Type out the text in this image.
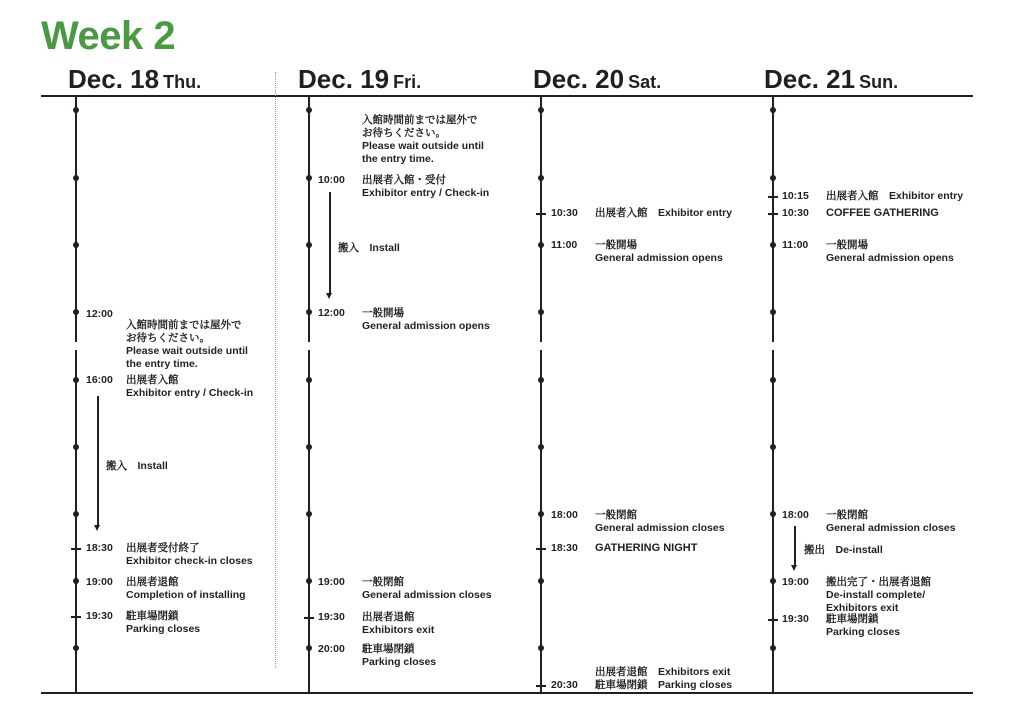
Week 2
Dec. 18 Thu.	Dec. 19 Fri.	Dec. 20 Sat.	Dec. 21 Sun.
12:00
入館時間前までは屋外で
お待ちください。
Please wait outside until
the entry time.
16:00 出展者入館
Exhibitor entry / Check-in
搬入　Install
18:30 出展者受付終了
Exhibitor check-in closes
19:00 出展者退館
Completion of installing
19:30 駐車場閉鎖
Parking closes
入館時間前までは屋外で
お待ちください。
Please wait outside until
the entry time.
10:00 出展者入館・受付
Exhibitor entry / Check-in
搬入　Install
12:00 一般開場
General admission opens
19:00 一般閉館
General admission closes
19:30 出展者退館
Exhibitors exit
20:00 駐車場閉鎖
Parking closes
10:30 出展者入館　Exhibitor entry
11:00 一般開場
General admission opens
18:00 一般閉館
General admission closes
18:30 GATHERING NIGHT
20:30
出展者退館　Exhibitors exit
駐車場閉鎖　Parking closes
10:15 出展者入館　Exhibitor entry
10:30 COFFEE GATHERING
11:00 一般開場
General admission opens
18:00 一般閉館
General admission closes
搬出　De-install
19:00 搬出完了・出展者退館
De-install complete/
Exhibitors exit
19:30 駐車場閉鎖
Parking closes
